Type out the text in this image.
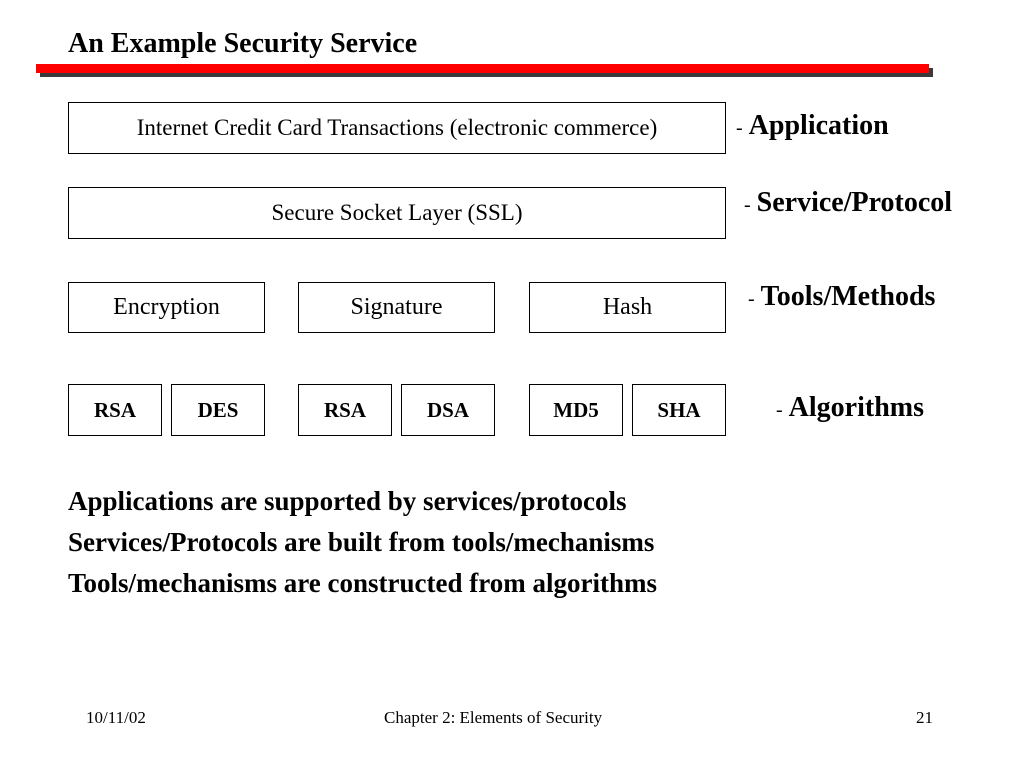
An Example Security Service
Internet Credit Card Transactions (electronic commerce)	- Application
Secure Socket Layer (SSL)	- Service/Protocol
Encryption	Signature	Hash	- Tools/Methods
RSA	DES	RSA	DSA	MD5	SHA	- Algorithms
Applications are supported by services/protocols
Services/Protocols are built from tools/mechanisms
Tools/mechanisms are constructed from algorithms
10/11/02	Chapter 2: Elements of Security	21
